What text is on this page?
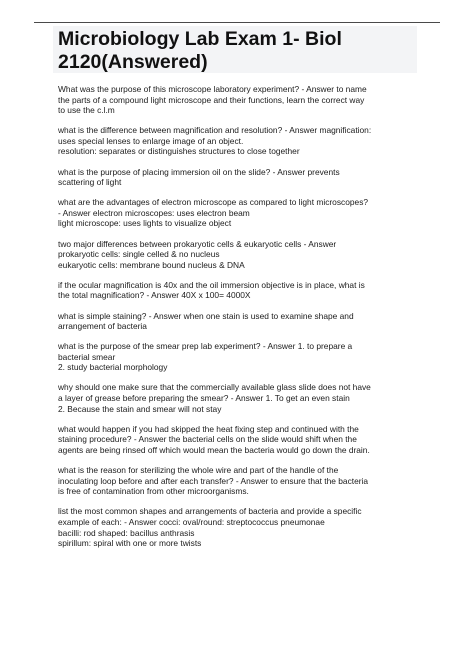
Microbiology Lab Exam 1- Biol 2120(Answered)

What was the purpose of this microscope laboratory experiment? - Answer to name
the parts of a compound light microscope and their functions, learn the correct way
to use the c.l.m

what is the difference between magnification and resolution? - Answer magnification:
uses special lenses to enlarge image of an object.
resolution: separates or distinguishes structures to close together

what is the purpose of placing immersion oil on the slide? - Answer prevents
scattering of light

what are the advantages of electron microscope as compared to light microscopes?
- Answer electron microscopes: uses electron beam
light microscope: uses lights to visualize object

two major differences between prokaryotic cells & eukaryotic cells - Answer
prokaryotic cells: single celled & no nucleus
eukaryotic cells: membrane bound nucleus & DNA

if the ocular magnification is 40x and the oil immersion objective is in place, what is
the total magnification? - Answer 40X x 100= 4000X

what is simple staining? - Answer when one stain is used to examine shape and
arrangement of bacteria

what is the purpose of the smear prep lab experiment? - Answer 1. to prepare a
bacterial smear
2. study bacterial morphology

why should one make sure that the commercially available glass slide does not have
a layer of grease before preparing the smear? - Answer 1. To get an even stain
2. Because the stain and smear will not stay

what would happen if you had skipped the heat fixing step and continued with the
staining procedure? - Answer the bacterial cells on the slide would shift when the
agents are being rinsed off which would mean the bacteria would go down the drain.

what is the reason for sterilizing the whole wire and part of the handle of the
inoculating loop before and after each transfer? - Answer to ensure that the bacteria
is free of contamination from other microorganisms.

list the most common shapes and arrangements of bacteria and provide a specific
example of each: - Answer cocci: oval/round: streptococcus pneumonae
bacilli: rod shaped: bacillus anthrasis
spirillum: spiral with one or more twists
